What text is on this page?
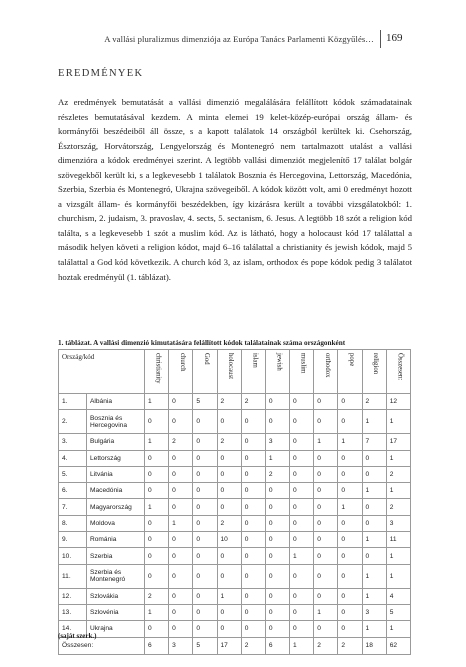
A vallási pluralizmus dimenziója az Európa Tanács Parlamenti Közgyűlés… 169
EREDMÉNYEK
Az eredmények bemutatását a vallási dimenzió megalálására felállított kódok számadatainak részletes bemutatásával kezdem. A minta elemei 19 kelet-közép-európai ország állam- és kormányfői beszédeiből áll össze, s a kapott találatok 14 országból kerültek ki. Csehország, Észtország, Horvátország, Lengyelország és Montenegró nem tartalmazott utalást a vallási dimenzióra a kódok eredményei szerint. A legtöbb vallási dimenziót megjelenítő 17 találat bolgár szövegekből került ki, s a legkevesebb 1 találatok Bosznia és Hercegovina, Lettország, Macedónia, Szerbia, Szerbia és Montenegró, Ukrajna szövegeiből. A kódok között volt, ami 0 eredményt hozott a vizsgált állam- és kormányfői beszédekben, így kizárásra került a további vizsgálatokból: 1. churchism, 2. judaism, 3. pravoslav, 4. sects, 5. sectanism, 6. Jesus. A legtöbb 18 szót a religion kód találta, s a legkevesebb 1 szót a muslim kód. Az is látható, hogy a holocaust kód 17 találattal a második helyen követi a religion kódot, majd 6–16 találattal a christianity és jewish kódok, majd 5 találattal a God kód következik. A church kód 3, az islam, orthodox és pope kódok pedig 3 találatot hoztak eredményül (1. táblázat).
1. táblázat. A vallási dimenzió kimutatására felállított kódok találatainak száma országonként
Ország/kód		christianity	church	God	holocaust	islam	jewish	muslim	orthodox	pope	religion	Összesen:
1.	Albánia	1	0	5	2	2	0	0	0	0	2	12
2.	Bosznia és Hercegovina	0	0	0	0	0	0	0	0	0	1	1
3.	Bulgária	1	2	0	2	0	3	0	1	1	7	17
4.	Lettország	0	0	0	0	0	1	0	0	0	0	1
5.	Litvánia	0	0	0	0	0	2	0	0	0	0	2
6.	Macedónia	0	0	0	0	0	0	0	0	0	1	1
7.	Magyarország	1	0	0	0	0	0	0	0	1	0	2
8.	Moldova	0	1	0	2	0	0	0	0	0	0	3
9.	Románia	0	0	0	10	0	0	0	0	0	1	11
10.	Szerbia	0	0	0	0	0	0	1	0	0	0	1
11.	Szerbia és Montenegró	0	0	0	0	0	0	0	0	0	1	1
12.	Szlovákia	2	0	0	1	0	0	0	0	0	1	4
13.	Szlovénia	1	0	0	0	0	0	0	1	0	3	5
14.	Ukrajna	0	0	0	0	0	0	0	0	0	1	1
Összesen:		6	3	5	17	2	6	1	2	2	18	62
(saját szerk.)
